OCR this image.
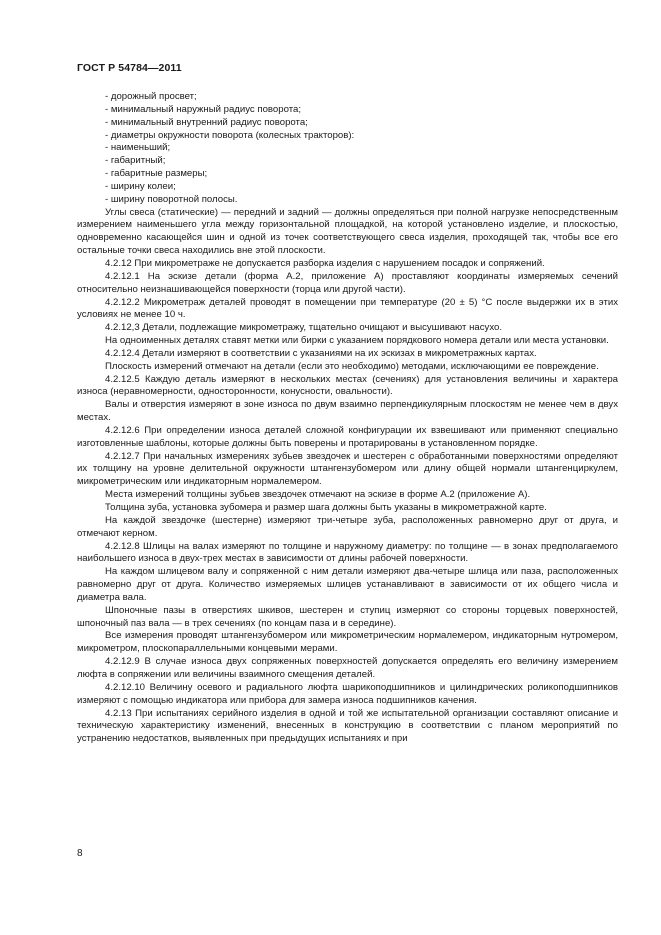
ГОСТ Р 54784—2011

- дорожный просвет;

- минимальный наружный радиус поворота;

- минимальный внутренний радиус поворота;

- диаметры окружности поворота (колесных тракторов):

- наименьший;

- габаритный;

- габаритные размеры;

- ширину колеи;

- ширину поворотной полосы.

Углы свеса (статические) — передний и задний — должны определяться при полной нагрузке непосредственным измерением наименьшего угла между горизонтальной площадкой, на которой установлено изделие, и плоскостью, одновременно касающейся шин и одной из точек соответствующего свеса изделия, проходящей так, чтобы все его остальные точки свеса находились вне этой плоскости.

4.2.12 При микрометраже не допускается разборка изделия с нарушением посадок и сопряжений.

4.2.12.1 На эскизе детали (форма А.2, приложение А) проставляют координаты измеряемых сечений относительно неизнашивающейся поверхности (торца или другой части).

4.2.12.2 Микрометраж деталей проводят в помещении при температуре (20 ± 5) °С после выдержки их в этих условиях не менее 10 ч.

4.2.12,3 Детали, подлежащие микрометражу, тщательно очищают и высушивают насухо.

На одноименных деталях ставят метки или бирки с указанием порядкового номера детали или места установки.

4.2.12.4 Детали измеряют в соответствии с указаниями на их эскизах в микрометражных картах.

Плоскость измерений отмечают на детали (если это необходимо) методами, исключающими ее повреждение.

4.2.12.5 Каждую деталь измеряют в нескольких местах (сечениях) для установления величины и характера износа (неравномерности, односторонности, конусности, овальности).

Валы и отверстия измеряют в зоне износа по двум взаимно перпендикулярным плоскостям не менее чем в двух местах.

4.2.12.6 При определении износа деталей сложной конфигурации их взвешивают или применяют специально изготовленные шаблоны, которые должны быть поверены и протарированы в установленном порядке.

4.2.12.7 При начальных измерениях зубьев звездочек и шестерен с обработанными поверхностями определяют их толщину на уровне делительной окружности штангензубомером или длину общей нормали штангенциркулем, микрометрическим или индикаторным нормалемером.

Места измерений толщины зубьев звездочек отмечают на эскизе в форме А.2 (приложение А).

Толщина зуба, установка зубомера и размер шага должны быть указаны в микрометражной карте.

На каждой звездочке (шестерне) измеряют три-четыре зуба, расположенных равномерно друг от друга, и отмечают керном.

4.2.12.8 Шлицы на валах измеряют по толщине и наружному диаметру: по толщине — в зонах предполагаемого наибольшего износа в двух-трех местах в зависимости от длины рабочей поверхности.

На каждом шлицевом валу и сопряженной с ним детали измеряют два-четыре шлица или паза, расположенных равномерно друг от друга. Количество измеряемых шлицев устанавливают в зависимости от их общего числа и диаметра вала.

Шпоночные пазы в отверстиях шкивов, шестерен и ступиц измеряют со стороны торцевых поверхностей, шпоночный паз вала — в трех сечениях (по концам паза и в середине).

Все измерения проводят штангензубомером или микрометрическим нормалемером, индикаторным нутромером, микрометром, плоскопараллельными концевыми мерами.

4.2.12.9 В случае износа двух сопряженных поверхностей допускается определять его величину измерением люфта в сопряжении или величины взаимного смещения деталей.

4.2.12.10 Величину осевого и радиального люфта шарикоподшипников и цилиндрических роликоподшипников измеряют с помощью индикатора или прибора для замера износа подшипников качения.

4.2.13 При испытаниях серийного изделия в одной и той же испытательной организации составляют описание и техническую характеристику изменений, внесенных в конструкцию в соответствии с планом мероприятий по устранению недостатков, выявленных при предыдущих испытаниях и при

8
